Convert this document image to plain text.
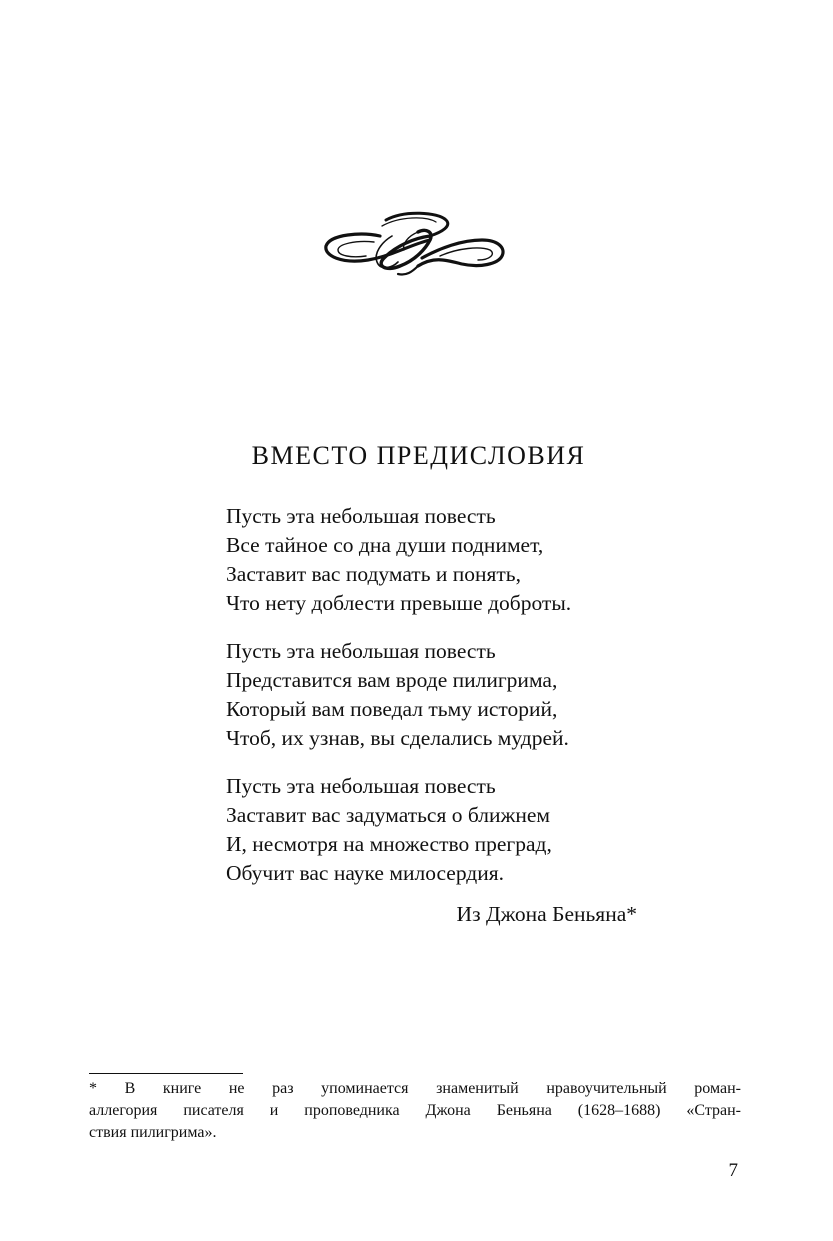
ВМЕСТО ПРЕДИСЛОВИЯ
Пусть эта небольшая повесть
Все тайное со дна души поднимет,
Заставит вас подумать и понять,
Что нету доблести превыше доброты.
Пусть эта небольшая повесть
Представится вам вроде пилигрима,
Который вам поведал тьму историй,
Чтоб, их узнав, вы сделались мудрей.
Пусть эта небольшая повесть
Заставит вас задуматься о ближнем
И, несмотря на множество преград,
Обучит вас науке милосердия.
Из Джона Беньяна*
* В книге не раз упоминается знаменитый нравоучительный роман-
аллегория писателя и проповедника Джона Беньяна (1628–1688) «Стран-
ствия пилигрима».
7
